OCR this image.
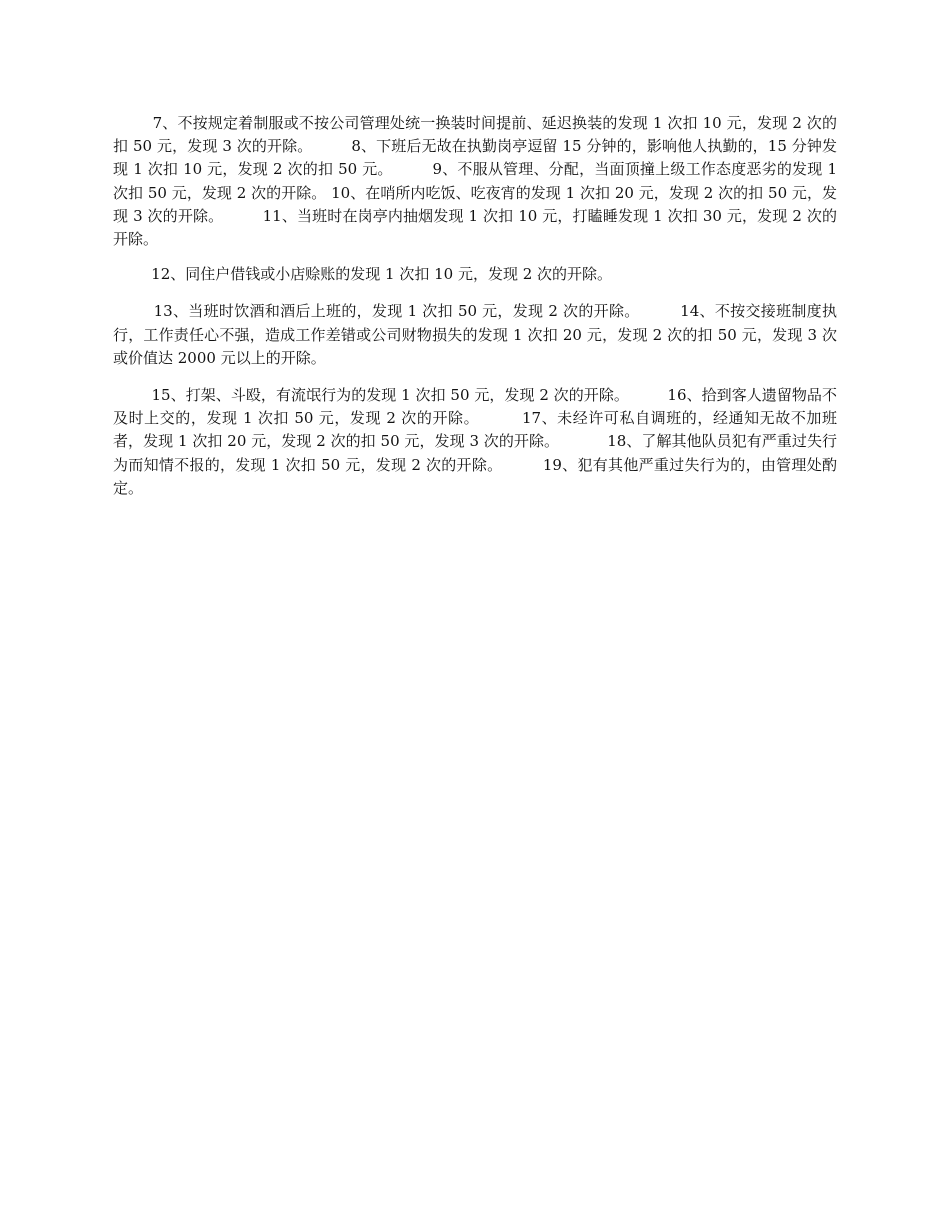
7、不按规定着制服或不按公司管理处统一换装时间提前、延迟换装的发现 1 次扣 10 元，发现 2 次的扣 50 元，发现 3 次的开除。        8、下班后无故在执勤岗亭逗留 15 分钟的，影响他人执勤的，15 分钟发现 1 次扣 10 元，发现 2 次的扣 50 元。        9、不服从管理、分配，当面顶撞上级工作态度恶劣的发现 1 次扣 50 元，发现 2 次的开除。 10、在哨所内吃饭、吃夜宵的发现 1 次扣 20 元，发现 2 次的扣 50 元，发现 3 次的开除。        11、当班时在岗亭内抽烟发现 1 次扣 10 元，打瞌睡发现 1 次扣 30 元，发现 2 次的开除。

12、同住户借钱或小店赊账的发现 1 次扣 10 元，发现 2 次的开除。

13、当班时饮酒和酒后上班的，发现 1 次扣 50 元，发现 2 次的开除。        14、不按交接班制度执行，工作责任心不强，造成工作差错或公司财物损失的发现 1 次扣 20 元，发现 2 次的扣 50 元，发现 3 次或价值达 2000 元以上的开除。

15、打架、斗殴，有流氓行为的发现 1 次扣 50 元，发现 2 次的开除。        16、拾到客人遗留物品不及时上交的，发现 1 次扣 50 元，发现 2 次的开除。        17、未经许可私自调班的，经通知无故不加班者，发现 1 次扣 20 元，发现 2 次的扣 50 元，发现 3 次的开除。          18、了解其他队员犯有严重过失行为而知情不报的，发现 1 次扣 50 元，发现 2 次的开除。        19、犯有其他严重过失行为的，由管理处酌定。
